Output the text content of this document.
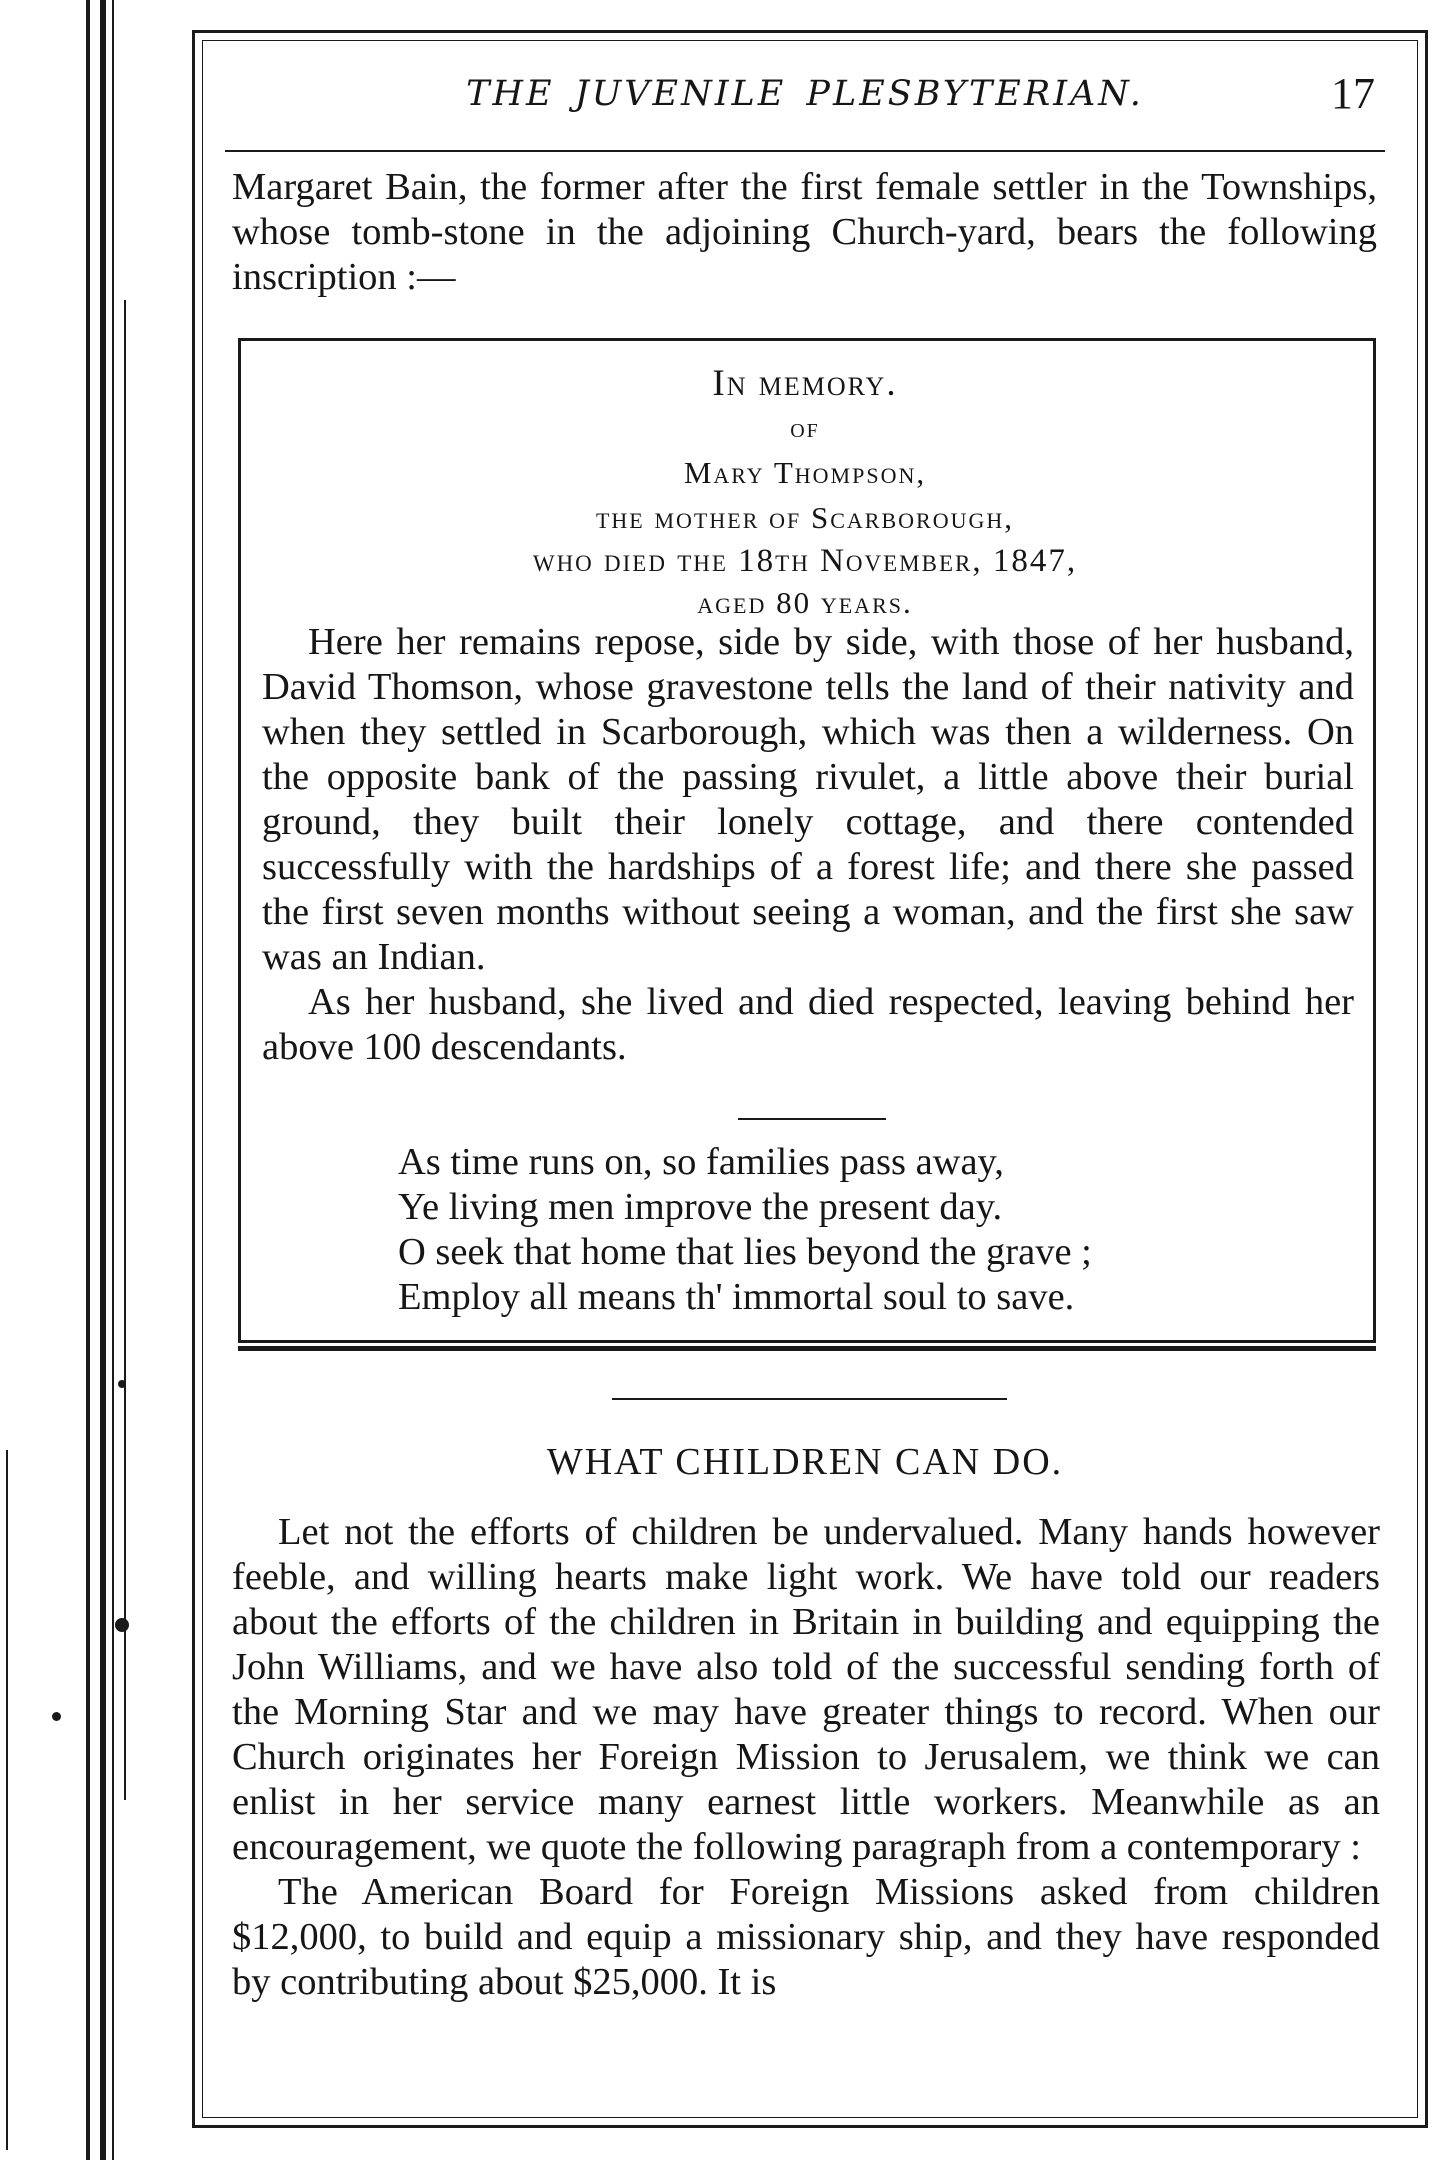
THE JUVENILE PLESBYTERIAN.	17
Margaret Bain, the former after the first female settler in the Townships, whose tomb-stone in the adjoining Church-yard, bears the following inscription :—
In memory.
of
Mary Thompson,
the mother of Scarborough,
who died the 18th November, 1847,
aged 80 years.

Here her remains repose, side by side, with those of her husband, David Thomson, whose gravestone tells the land of their nativity and when they settled in Scarborough, which was then a wilderness. On the opposite bank of the passing rivulet, a little above their burial ground, they built their lonely cottage, and there contended successfully with the hardships of a forest life; and there she passed the first seven months without seeing a woman, and the first she saw was an Indian.

As her husband, she lived and died respected, leaving behind her above 100 descendants.

As time runs on, so families pass away,
Ye living men improve the present day.
O seek that home that lies beyond the grave ;
Employ all means th' immortal soul to save.
WHAT CHILDREN CAN DO.

Let not the efforts of children be undervalued. Many hands however feeble, and willing hearts make light work. We have told our readers about the efforts of the children in Britain in building and equipping the John Williams, and we have also told of the successful sending forth of the Morning Star and we may have greater things to record. When our Church originates her Foreign Mission to Jerusalem, we think we can enlist in her service many earnest little workers. Meanwhile as an encouragement, we quote the following paragraph from a contemporary :

The American Board for Foreign Missions asked from children $12,000, to build and equip a missionary ship, and they have responded by contributing about $25,000. It is
